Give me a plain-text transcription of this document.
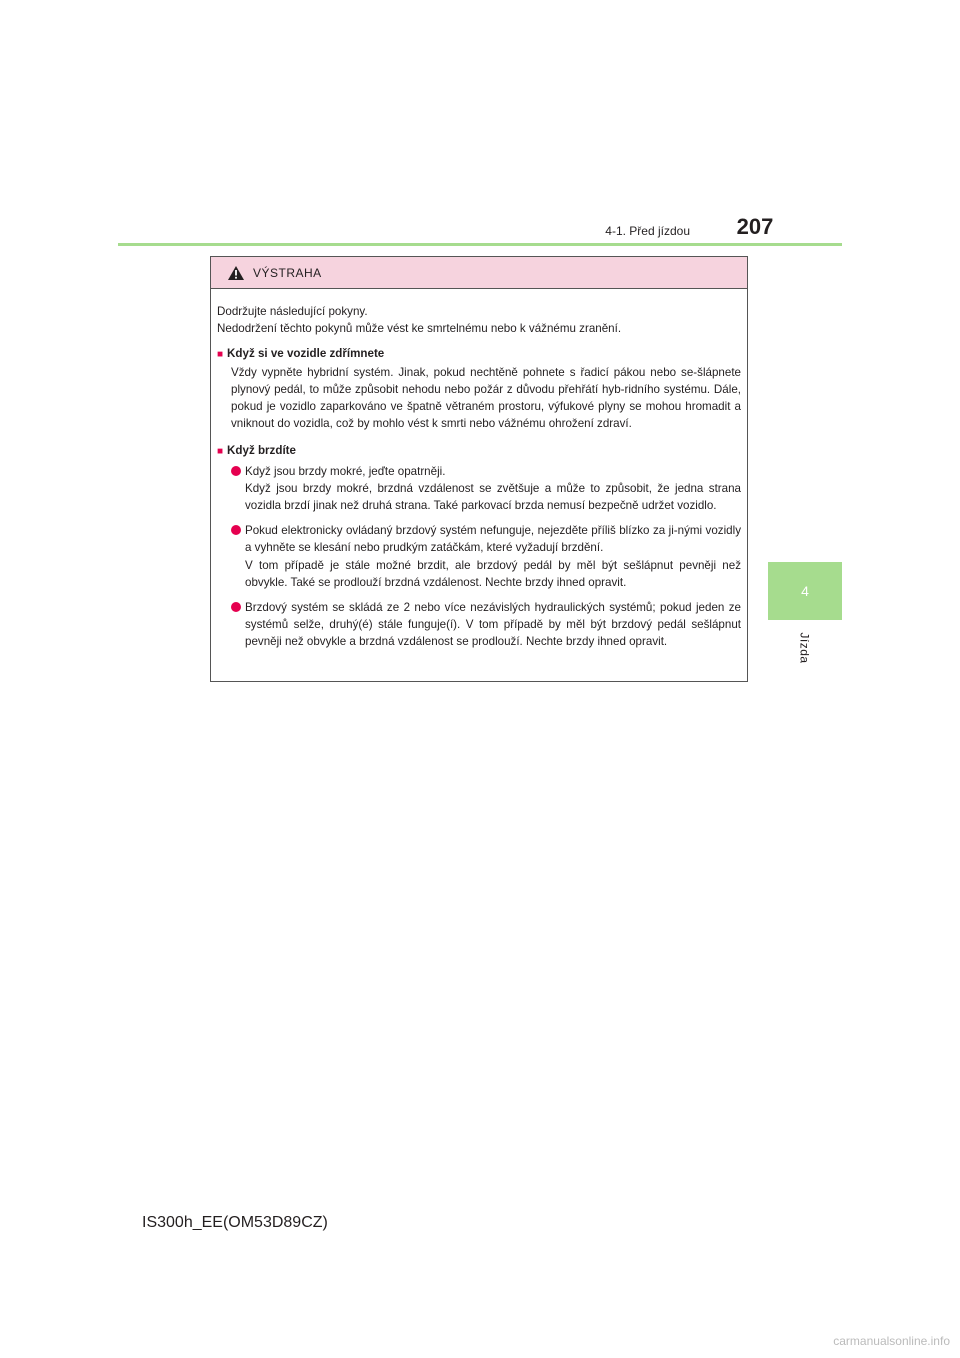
4-1. Před jízdou	207
4
Jízda
VÝSTRAHA

Dodržujte následující pokyny.

Nedodržení těchto pokynů může vést ke smrtelnému nebo k vážnému zranění.

■ Když si ve vozidle zdřímnete

Vždy vypněte hybridní systém. Jinak, pokud nechtěně pohnete s řadicí pákou nebo se-šlápnete plynový pedál, to může způsobit nehodu nebo požár z důvodu přehřátí hyb-ridního systému. Dále, pokud je vozidlo zaparkováno ve špatně větraném prostoru, výfukové plyny se mohou hromadit a vniknout do vozidla, což by mohlo vést k smrti nebo vážnému ohrožení zdraví.

■ Když brzdíte

Když jsou brzdy mokré, jeďte opatrněji.

Když jsou brzdy mokré, brzdná vzdálenost se zvětšuje a může to způsobit, že jedna strana vozidla brzdí jinak než druhá strana. Také parkovací brzda nemusí bezpečně udržet vozidlo.

Pokud elektronicky ovládaný brzdový systém nefunguje, nejezděte příliš blízko za ji-nými vozidly a vyhněte se klesání nebo prudkým zatáčkám, které vyžadují brzdění.

V tom případě je stále možné brzdit, ale brzdový pedál by měl být sešlápnut pevněji než obvykle. Také se prodlouží brzdná vzdálenost. Nechte brzdy ihned opravit.

Brzdový systém se skládá ze 2 nebo více nezávislých hydraulických systémů; pokud jeden ze systémů selže, druhý(é) stále funguje(í). V tom případě by měl být brzdový pedál sešlápnut pevněji než obvykle a brzdná vzdálenost se prodlouží. Nechte brzdy ihned opravit.

IS300h_EE(OM53D89CZ)
carmanualsonline.info
